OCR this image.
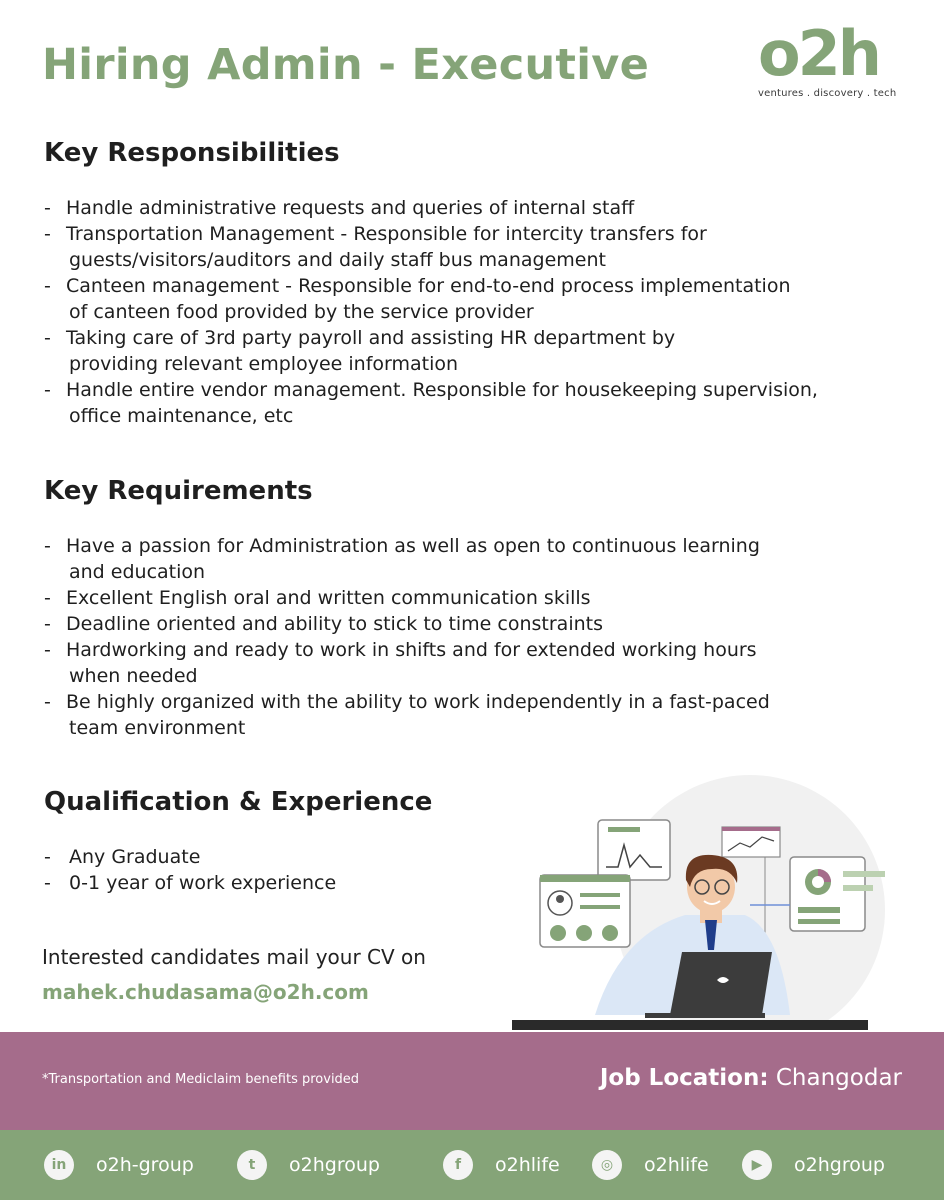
Hiring Admin - Executive o2h
ventures . discovery . tech
Key Responsibilities
- Handle administrative requests and queries of internal staff
- Transportation Management - Responsible for intercity transfers for
guests/visitors/auditors and daily staff bus management
- Canteen management - Responsible for end-to-end process implementation
of canteen food provided by the service provider
- Taking care of 3rd party payroll and assisting HR department by
providing relevant employee information
- Handle entire vendor management. Responsible for housekeeping supervision,
office maintenance, etc
Key Requirements
- Have a passion for Administration as well as open to continuous learning
and education
- Excellent English oral and written communication skills
- Deadline oriented and ability to stick to time constraints
- Hardworking and ready to work in shifts and for extended working hours
when needed
- Be highly organized with the ability to work independently in a fast-paced
team environment
Qualification & Experience
- Any Graduate
- 0-1 year of work experience
Interested candidates mail your CV on
mahek.chudasama@o2h.com
*Transportation and Mediclaim benefits provided	Job Location: Changodar
in	o2h-group	t	o2hgroup	f	o2hlife	◎	o2hlife	▶	o2hgroup
